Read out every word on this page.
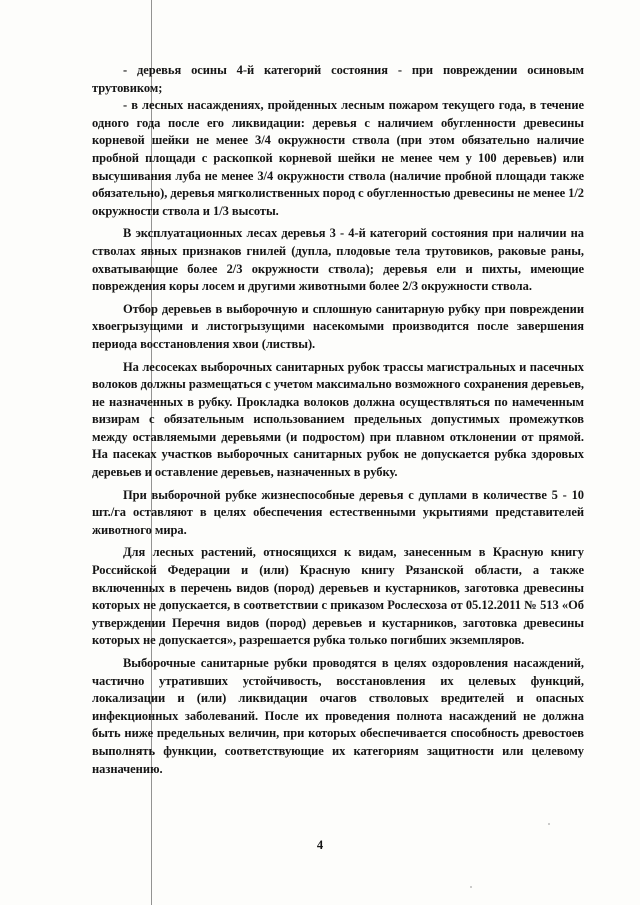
- деревья осины 4-й категорий состояния - при повреждении осиновым трутовиком;

- в лесных насаждениях, пройденных лесным пожаром текущего года, в течение одного года после его ликвидации: деревья с наличием обугленности древесины корневой шейки не менее 3/4 окружности ствола (при этом обязательно наличие пробной площади с раскопкой корневой шейки не менее чем у 100 деревьев) или высушивания луба не менее 3/4 окружности ствола (наличие пробной площади также обязательно), деревья мягколиственных пород с обугленностью древесины не менее 1/2 окружности ствола и 1/3 высоты.

В эксплуатационных лесах деревья 3 - 4-й категорий состояния при наличии на стволах явных признаков гнилей (дупла, плодовые тела трутовиков, раковые раны, охватывающие более 2/3 окружности ствола); деревья ели и пихты, имеющие повреждения коры лосем и другими животными более 2/3 окружности ствола.

Отбор деревьев в выборочную и сплошную санитарную рубку при повреждении хвоегрызущими и листогрызущими насекомыми производится после завершения периода восстановления хвои (листвы).

На лесосеках выборочных санитарных рубок трассы магистральных и пасечных волоков должны размещаться с учетом максимально возможного сохранения деревьев, не назначенных в рубку. Прокладка волоков должна осуществляться по намеченным визирам с обязательным использованием предельных допустимых промежутков между оставляемыми деревьями (и подростом) при плавном отклонении от прямой. На пасеках участков выборочных санитарных рубок не допускается рубка здоровых деревьев и оставление деревьев, назначенных в рубку.

При выборочной рубке жизнеспособные деревья с дуплами в количестве 5 - 10 шт./га оставляют в целях обеспечения естественными укрытиями представителей животного мира.

Для лесных растений, относящихся к видам, занесенным в Красную книгу Российской Федерации и (или) Красную книгу Рязанской области, а также включенных в перечень видов (пород) деревьев и кустарников, заготовка древесины которых не допускается, в соответствии с приказом Рослесхоза от 05.12.2011 № 513 «Об утверждении Перечня видов (пород) деревьев и кустарников, заготовка древесины которых не допускается», разрешается рубка только погибших экземпляров.

Выборочные санитарные рубки проводятся в целях оздоровления насаждений, частично утративших устойчивость, восстановления их целевых функций, локализации и (или) ликвидации очагов стволовых вредителей и опасных инфекционных заболеваний. После их проведения полнота насаждений не должна быть ниже предельных величин, при которых обеспечивается способность древостоев выполнять функции, соответствующие их категориям защитности или целевому назначению.

4
